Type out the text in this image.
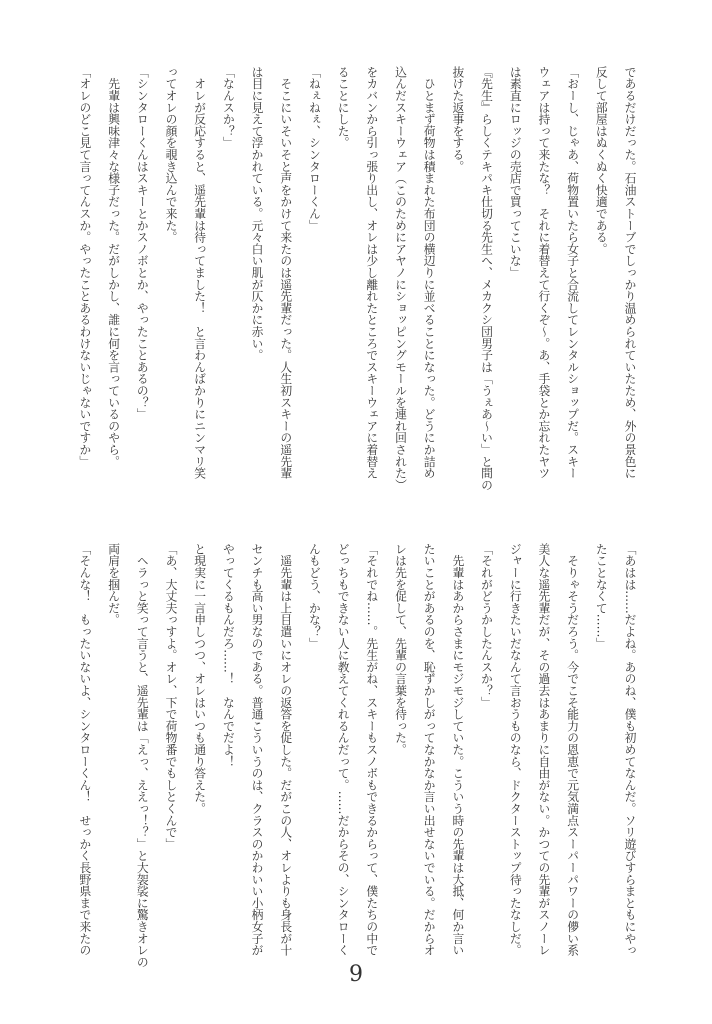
であるだけだった。石油ストーブでしっかり温められていたため、外の景色に
反して部屋はぬくぬく快適である。
「おーし、じゃあ、荷物置いたら女子と合流してレンタルショップだ。スキー
ウェアは持って来たな？　それに着替えて行くぞ～。あ、手袋とか忘れたヤツ
は素直にロッジの売店で買ってこいな」
『先生』らしくテキパキ仕切る先生へ、メカクシ団男子は「うぇあ～い」と間の
抜けた返事をする。
　ひとまず荷物は積まれた布団の横辺りに並べることになった。どうにか詰め
込んだスキーウェア（このためにアヤノにショッピングモールを連れ回された）
をカバンから引っ張り出し、オレは少し離れたところでスキーウェアに着替え
ることにした。
「ねぇねぇ、シンタローくん」
　そこにいそいそと声をかけて来たのは遥先輩だった。人生初スキーの遥先輩
は目に見えて浮かれている。元々白い肌が仄かに赤い。
「なんスか？」
　オレが反応すると、遥先輩は待ってました！　と言わんばかりにニンマリ笑
ってオレの顔を覗き込んで来た。
「シンタローくんはスキーとかスノボとか、やったことあるの？」
　先輩は興味津々な様子だった。だがしかし、誰に何を言っているのやら。
「オレのどこ見て言ってんスか。やったことあるわけないじゃないですか」
「あはは……だよね。あのね、僕も初めてなんだ。ソリ遊びすらまともにやっ
たことなくて……」
　そりゃそうだろう。今でこそ能力の恩恵で元気満点スーパーパワーの儚い系
美人な遥先輩だが、その過去はあまりに自由がない。かつての先輩がスノーレ
ジャーに行きたいだなんて言おうものなら、ドクターストップ待ったなしだ。
「それがどうかしたんスか？」
　先輩はあからさまにモジモジしていた。こういう時の先輩は大抵、何か言い
たいことがあるのを、恥ずかしがってなかなか言い出せないでいる。だからオ
レは先を促して、先輩の言葉を待った。
「それでね……。先生がね、スキーもスノボもできるからって、僕たちの中で
どっちもできない人に教えてくれるんだって。……だからその、シンタローく
んもどう、かな？」
　遥先輩は上目遣いにオレの返答を促した。だがこの人、オレよりも身長が十
センチも高い男なのである。普通こういうのは、クラスのかわいい小柄女子が
やってくるもんだろ……！　なんでだよ！
と現実に一言申しつつ、オレはいつも通り答えた。
「あ、大丈夫っすよ。オレ、下で荷物番でもしとくんで」
　ヘラっと笑って言うと、遥先輩は「えっ、ええっ！？」と大袈裟に驚きオレの
両肩を掴んだ。
「そんな！　もったいないよ、シンタローくん！　せっかく長野県まで来たの
9
